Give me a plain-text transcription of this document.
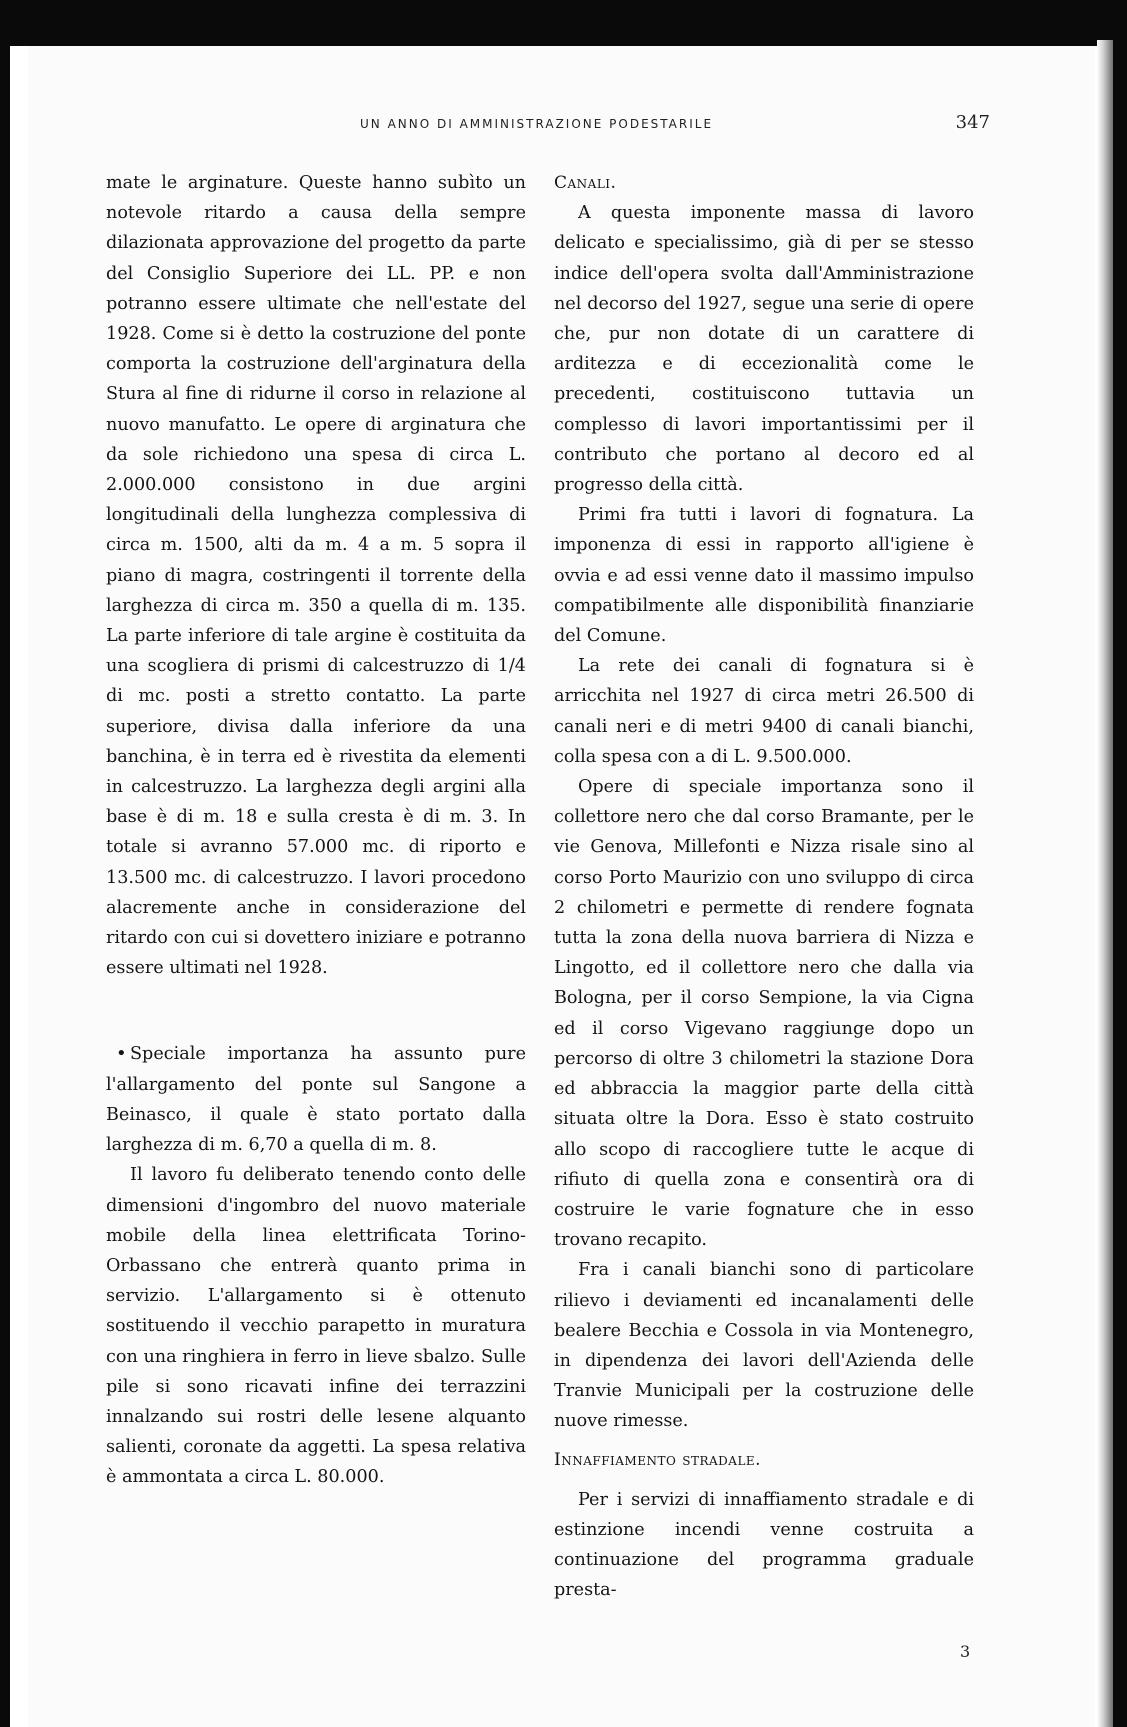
UN ANNO DI AMMINISTRAZIONE PODESTARILE	347

mate le arginature. Queste hanno subìto un notevole ritardo a causa della sempre dilazionata approvazione del progetto da parte del Consiglio Superiore dei LL. PP. e non potranno essere ultimate che nell'estate del 1928. Come si è detto la costruzione del ponte comporta la costruzione dell'arginatura della Stura al fine di ridurne il corso in relazione al nuovo manufatto. Le opere di arginatura che da sole richiedono una spesa di circa L. 2.000.000 consistono in due argini longitudinali della lunghezza complessiva di circa m. 1500, alti da m. 4 a m. 5 sopra il piano di magra, costringenti il torrente della larghezza di circa m. 350 a quella di m. 135. La parte inferiore di tale argine è costituita da una scogliera di prismi di calcestruzzo di 1/4 di mc. posti a stretto contatto. La parte superiore, divisa dalla inferiore da una banchina, è in terra ed è rivestita da elementi in calcestruzzo. La larghezza degli argini alla base è di m. 18 e sulla cresta è di m. 3. In totale si avranno 57.000 mc. di riporto e 13.500 mc. di calcestruzzo. I lavori procedono alacremente anche in considerazione del ritardo con cui si dovettero iniziare e potranno essere ultimati nel 1928.

• Speciale importanza ha assunto pure l'allargamento del ponte sul Sangone a Beinasco, il quale è stato portato dalla larghezza di m. 6,70 a quella di m. 8.

Il lavoro fu deliberato tenendo conto delle dimensioni d'ingombro del nuovo materiale mobile della linea elettrificata Torino-Orbassano che entrerà quanto prima in servizio. L'allargamento si è ottenuto sostituendo il vecchio parapetto in muratura con una ringhiera in ferro in lieve sbalzo. Sulle pile si sono ricavati infine dei terrazzini innalzando sui rostri delle lesene alquanto salienti, coronate da aggetti. La spesa relativa è ammontata a circa L. 80.000.

Canali.

A questa imponente massa di lavoro delicato e specialissimo, già di per se stesso indice dell'opera svolta dall'Amministrazione nel decorso del 1927, segue una serie di opere che, pur non dotate di un carattere di arditezza e di eccezionalità come le precedenti, costituiscono tuttavia un complesso di lavori importantissimi per il contributo che portano al decoro ed al progresso della città.

Primi fra tutti i lavori di fognatura. La imponenza di essi in rapporto all'igiene è ovvia e ad essi venne dato il massimo impulso compatibilmente alle disponibilità finanziarie del Comune.

La rete dei canali di fognatura si è arricchita nel 1927 di circa metri 26.500 di canali neri e di metri 9400 di canali bianchi, colla spesa con a di L. 9.500.000.

Opere di speciale importanza sono il collettore nero che dal corso Bramante, per le vie Genova, Millefonti e Nizza risale sino al corso Porto Maurizio con uno sviluppo di circa 2 chilometri e permette di rendere fognata tutta la zona della nuova barriera di Nizza e Lingotto, ed il collettore nero che dalla via Bologna, per il corso Sempione, la via Cigna ed il corso Vigevano raggiunge dopo un percorso di oltre 3 chilometri la stazione Dora ed abbraccia la maggior parte della città situata oltre la Dora. Esso è stato costruito allo scopo di raccogliere tutte le acque di rifiuto di quella zona e consentirà ora di costruire le varie fognature che in esso trovano recapito.

Fra i canali bianchi sono di particolare rilievo i deviamenti ed incanalamenti delle bealere Becchia e Cossola in via Montenegro, in dipendenza dei lavori dell'Azienda delle Tranvie Municipali per la costruzione delle nuove rimesse.

Innaffiamento stradale.

Per i servizi di innaffiamento stradale e di estinzione incendi venne costruita a continuazione del programma graduale presta-

3
